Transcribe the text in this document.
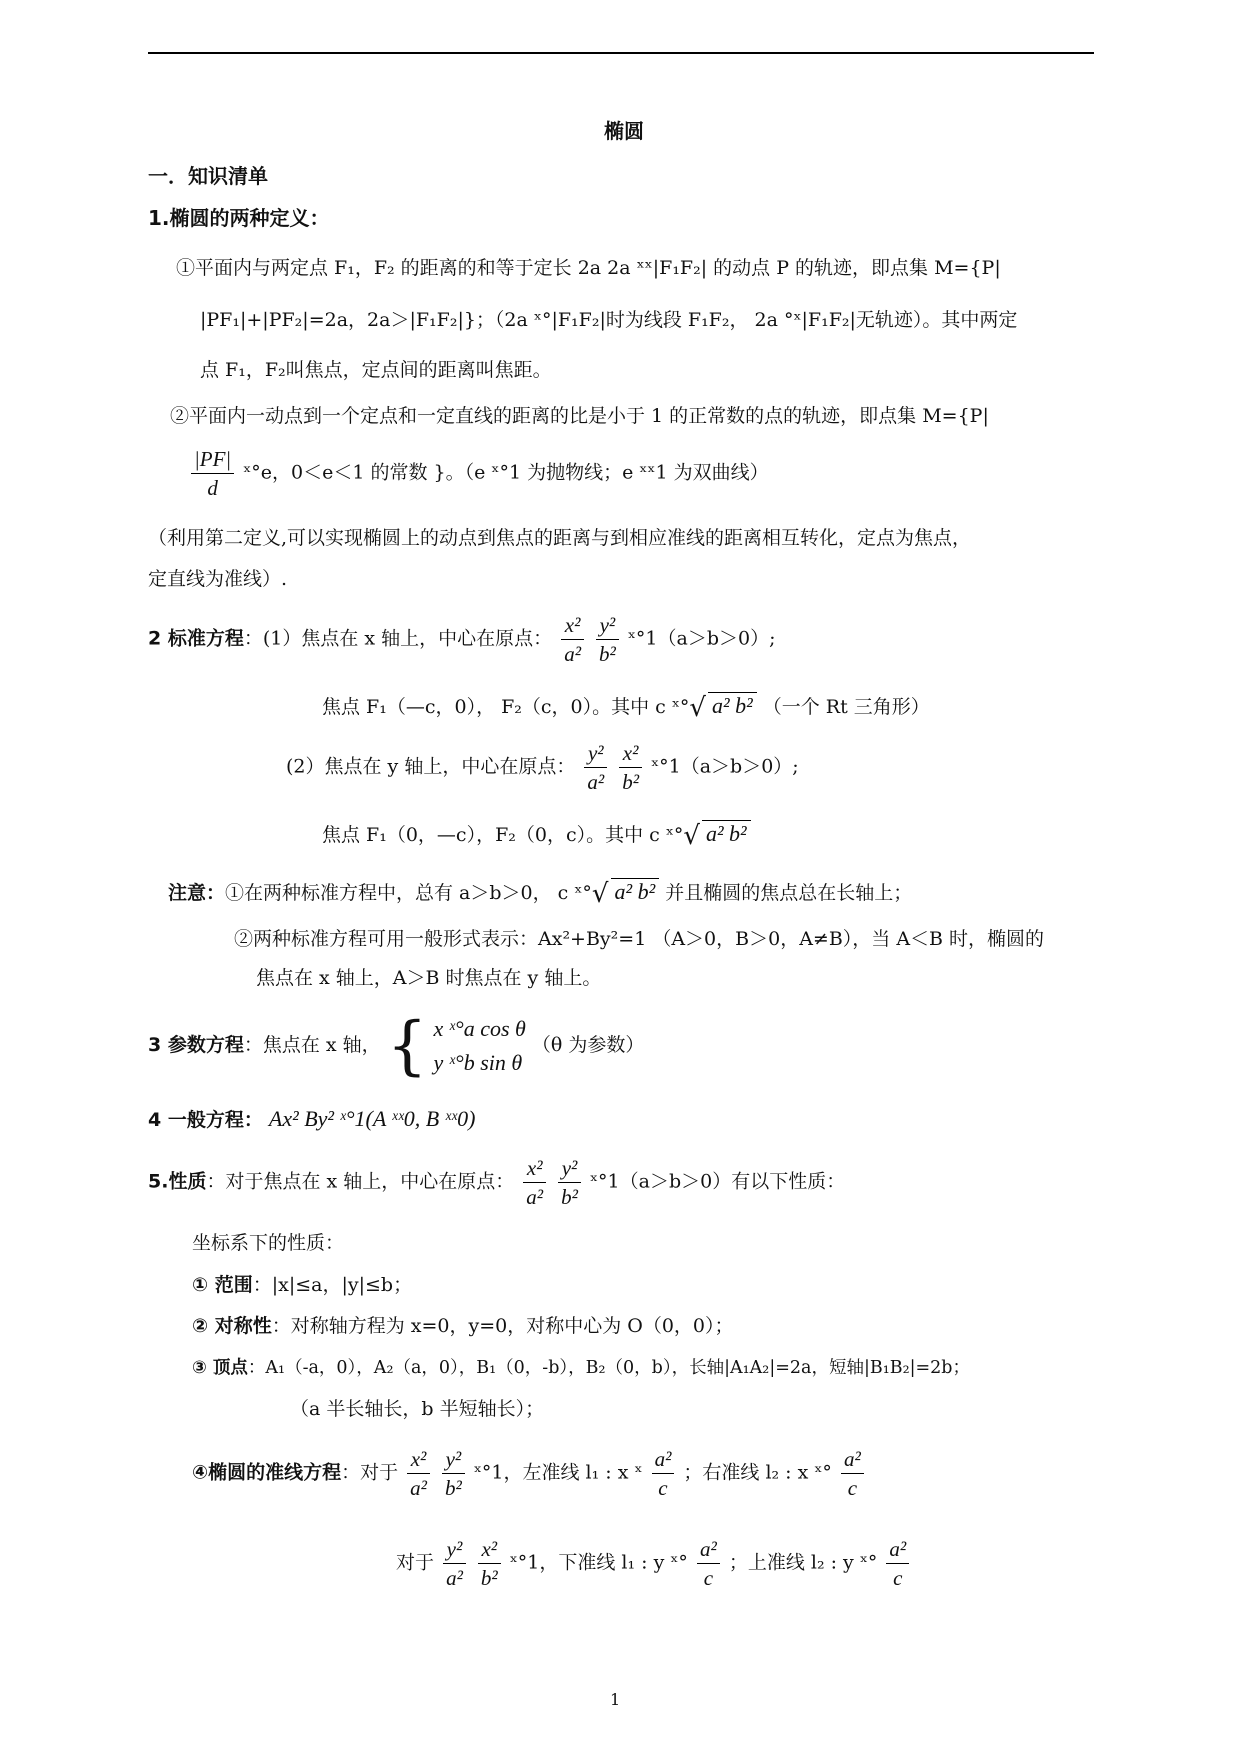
椭圆
一．知识清单
1.椭圆的两种定义：
①平面内与两定点 F₁，F₂ 的距离的和等于定长 2a 2a ˣˣ|F₁F₂| 的动点 P 的轨迹，即点集 M={P|
|PF₁|+|PF₂|=2a，2a＞|F₁F₂|}；（2a ˣ°|F₁F₂|时为线段 F₁F₂， 2a °ˣ|F₁F₂|无轨迹）。其中两定
点 F₁，F₂叫焦点，定点间的距离叫焦距。
②平面内一动点到一个定点和一定直线的距离的比是小于 1 的正常数的点的轨迹，即点集 M={P|
$\frac{|PF|}{d}$ ˣ°e，0＜e＜1 的常数 }。（e ˣ°1 为抛物线；e ˣˣ1 为双曲线）
（利用第二定义,可以实现椭圆上的动点到焦点的距离与到相应准线的距离相互转化，定点为焦点，
定直线为准线）.
2 标准方程：(1）焦点在 x 轴上，中心在原点： $\frac{\text{x²}}{\text{a²}}$
$\frac{\text{y²}}{\text{b²}}$ ˣ°1（a＞b＞0）;
焦点 F₁（—c，0）， F₂（c，0）。其中 c ˣ°√ a² b² （一个 Rt 三角形）
(2）焦点在 y 轴上，中心在原点： $\frac{\text{y²}}{\text{a²}}$
$\frac{\text{x²}}{\text{b²}}$ ˣ°1（a＞b＞0）;
焦点 F₁（0，—c），F₂（0，c）。其中 c ˣ°√ a² b²
注意：①在两种标准方程中，总有 a＞b＞0， c ˣ°√ a² b² 并且椭圆的焦点总在长轴上；
②两种标准方程可用一般形式表示：Ax²+By²=1 （A＞0，B＞0，A≠B），当 A＜B 时，椭圆的
焦点在 x 轴上，A＞B 时焦点在 y 轴上。
3 参数方程：焦点在 x 轴， { x ˣ°a cos θ
y ˣ°b sin θ
（θ 为参数）
4 一般方程： Ax² By² ˣ°1(A ˣˣ0, B ˣˣ0)
5.性质：对于焦点在 x 轴上，中心在原点： $\frac{\text{x²}}{\text{a²}}$
$\frac{\text{y²}}{\text{b²}}$ ˣ°1（a＞b＞0）有以下性质：
坐标系下的性质：
① 范围：|x|≤a，|y|≤b；
② 对称性：对称轴方程为 x=0，y=0，对称中心为 O（0，0）；
③ 顶点：A₁（-a，0），A₂（a，0），B₁（0，-b），B₂（0，b），长轴|A₁A₂|=2a，短轴|B₁B₂|=2b；
（a 半长轴长，b 半短轴长）；
④椭圆的准线方程：对于 $\frac{\text{x²}}{\text{a²}}$
$\frac{\text{y²}}{\text{b²}}$ ˣ°1，左准线 l₁ : x ˣ $\frac{\text{a²}}{c}$ ；右准线 l₂ : x ˣ° $\frac{\text{a²}}{c}$
对于 $\frac{\text{y²}}{\text{a²}}$
$\frac{\text{x²}}{\text{b²}}$ ˣ°1，下准线 l₁ : y ˣ° $\frac{\text{a²}}{c}$ ；上准线 l₂ : y ˣ° $\frac{\text{a²}}{c}$
1
